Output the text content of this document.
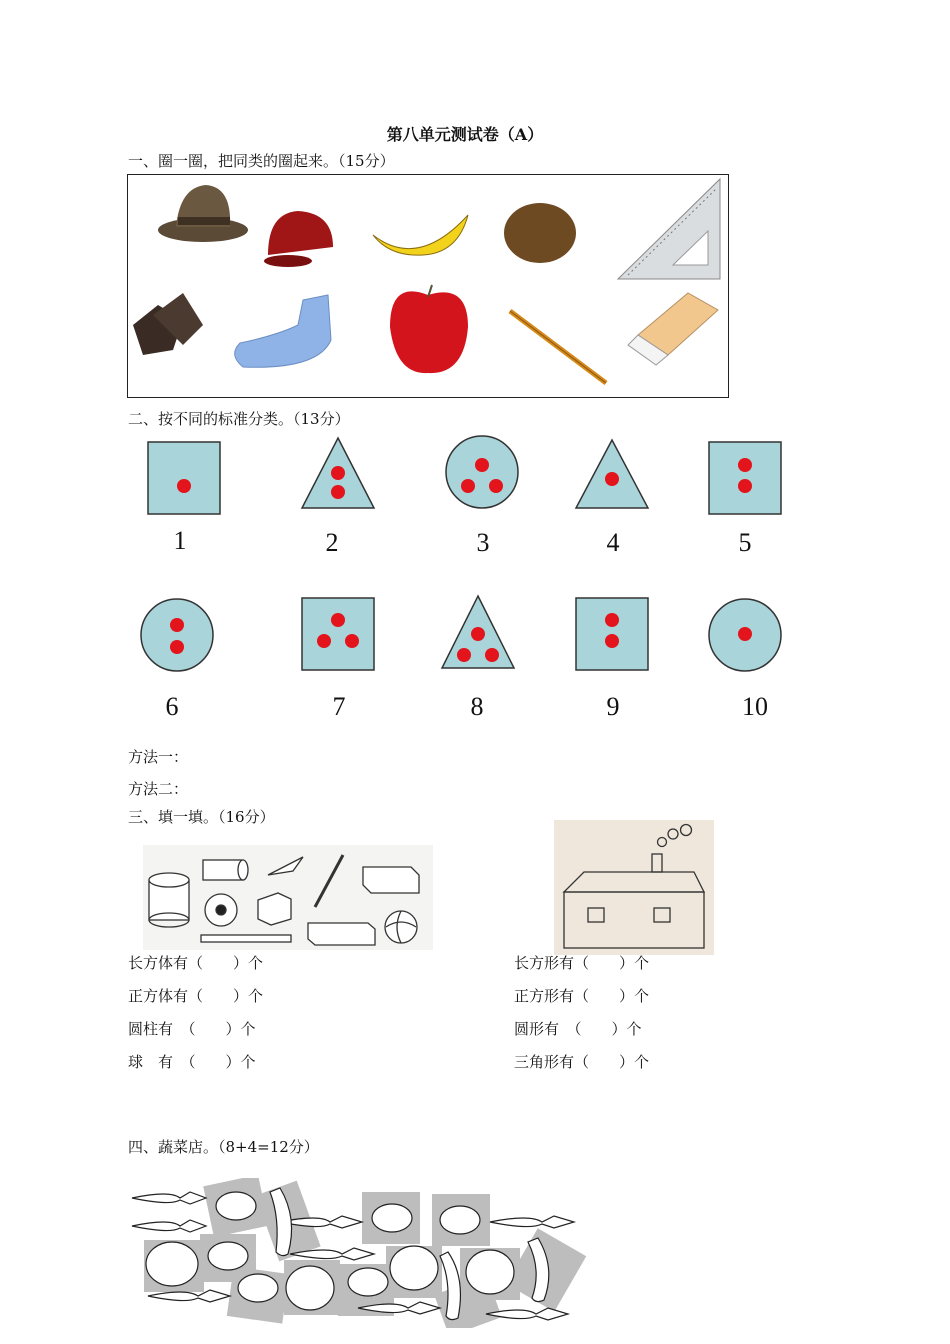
第八单元测试卷（A）
一、圈一圈，把同类的圈起来。（15分）
二、按不同的标准分类。（13分）
1	2	3	4	5
6	7	8	9	10
方法一：
方法二：
三、填一填。（16分）
长方体有（　　）个
正方体有（　　）个
圆柱有　（　　）个
球　有　（　　）个
长方形有（　　）个
正方形有（　　）个
圆形有　（　　）个
三角形有（　　）个
四、蔬菜店。（8+4=12分）
